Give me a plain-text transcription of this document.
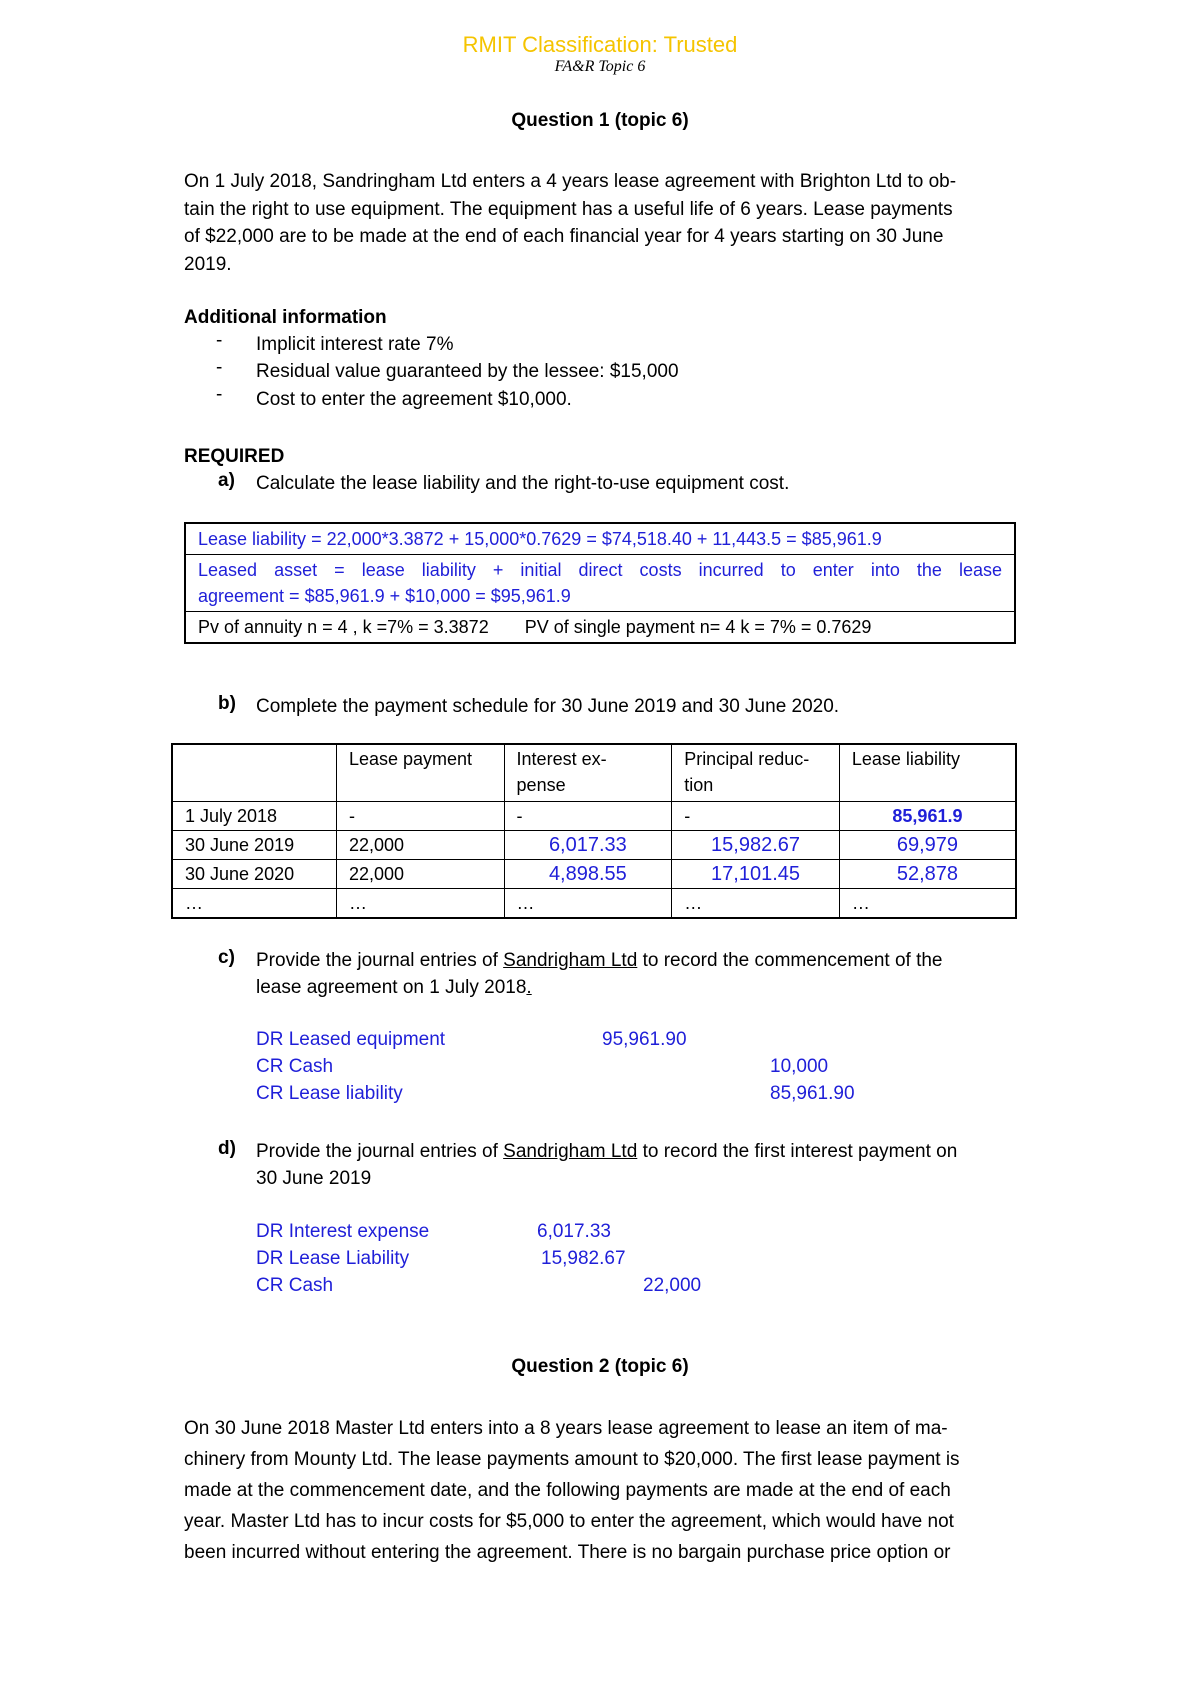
RMIT Classification: Trusted
FA&R Topic 6
Question 1 (topic 6)
On 1 July 2018, Sandringham Ltd enters a 4 years lease agreement with Brighton Ltd to ob-
tain the right to use equipment. The equipment has a useful life of 6 years. Lease payments
of $22,000 are to be made at the end of each financial year for 4 years starting on 30 June
2019.
Additional information
- Implicit interest rate 7%
- Residual value guaranteed by the lessee: $15,000
- Cost to enter the agreement $10,000.
REQUIRED
a) Calculate the lease liability and the right-to-use equipment cost.
Lease liability = 22,000*3.3872 + 15,000*0.7629 = $74,518.40 + 11,443.5 = $85,961.9

Leased asset = lease liability + initial direct costs incurred to enter into the lease
agreement = $85,961.9 + $10,000 = $95,961.9

Pv of annuity n = 4 , k =7% = 3.3872 PV of single payment n= 4 k = 7% = 0.7629
b) Complete the payment schedule for 30 June 2019 and 30 June 2020.
	Lease payment	Interest ex-
pense	Principal reduc-
tion	Lease liability
1 July 2018	-	-	-	85,961.9
30 June 2019	22,000	6,017.33	15,982.67	69,979
30 June 2020	22,000	4,898.55	17,101.45	52,878
…	…	…	…	…
c) Provide the journal entries of Sandrigham Ltd to record the commencement of the
lease agreement on 1 July 2018.
DR Leased equipment	95,961.90
CR Cash	10,000
CR Lease liability	85,961.90
d) Provide the journal entries of Sandrigham Ltd to record the first interest payment on
30 June 2019
DR Interest expense	6,017.33
DR Lease Liability	15,982.67
CR Cash	22,000
Question 2 (topic 6)
On 30 June 2018 Master Ltd enters into a 8 years lease agreement to lease an item of ma-
chinery from Mounty Ltd. The lease payments amount to $20,000. The first lease payment is
made at the commencement date, and the following payments are made at the end of each
year. Master Ltd has to incur costs for $5,000 to enter the agreement, which would have not
been incurred without entering the agreement. There is no bargain purchase price option or
